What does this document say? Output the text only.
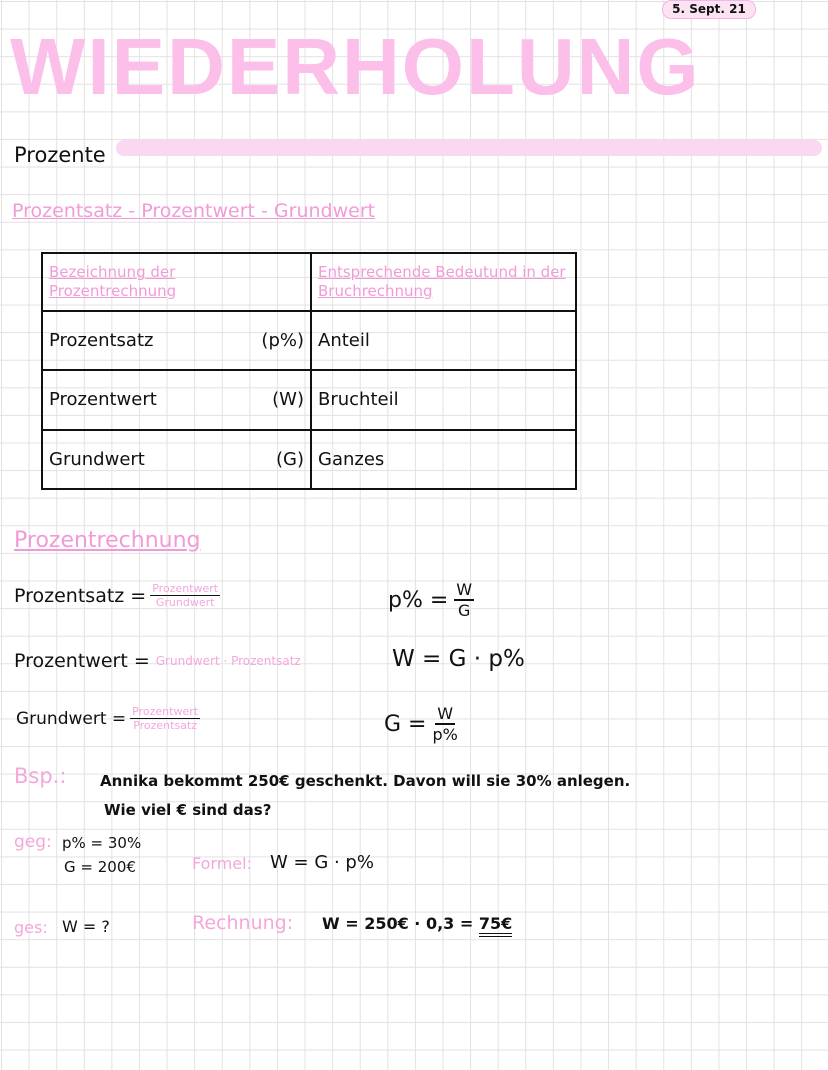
5. Sept. 21
WIEDERHOLUNG
Prozente
Prozentsatz - Prozentwert - Grundwert
Bezeichnung der Prozentrechnung	Entsprechende Bedeutund in der Bruchrechnung

Prozentsatz (p%)	Anteil

Prozentwert (W)	Bruchteil

Grundwert (G)	Ganzes
Prozentrechnung
Prozentsatz = $\frac{\text{Prozentwert}}{\text{Grundwert}}$	$p\% = \frac{W}{G}$
Prozentwert = Grundwert · Prozentsatz	W = G · p%
Grundwert = $\frac{\text{Prozentwert}}{\text{Prozentsatz}}$	$G = \frac{W}{p\%}$
Bsp.: Annika bekommt 250€ geschenkt. Davon will sie 30% anlegen.
Wie viel € sind das?
geg: p% = 30%
G = 200€	Formel: W = G · p%
ges: W = ?	Rechnung: W = 250€ · 0,3 = 75€
